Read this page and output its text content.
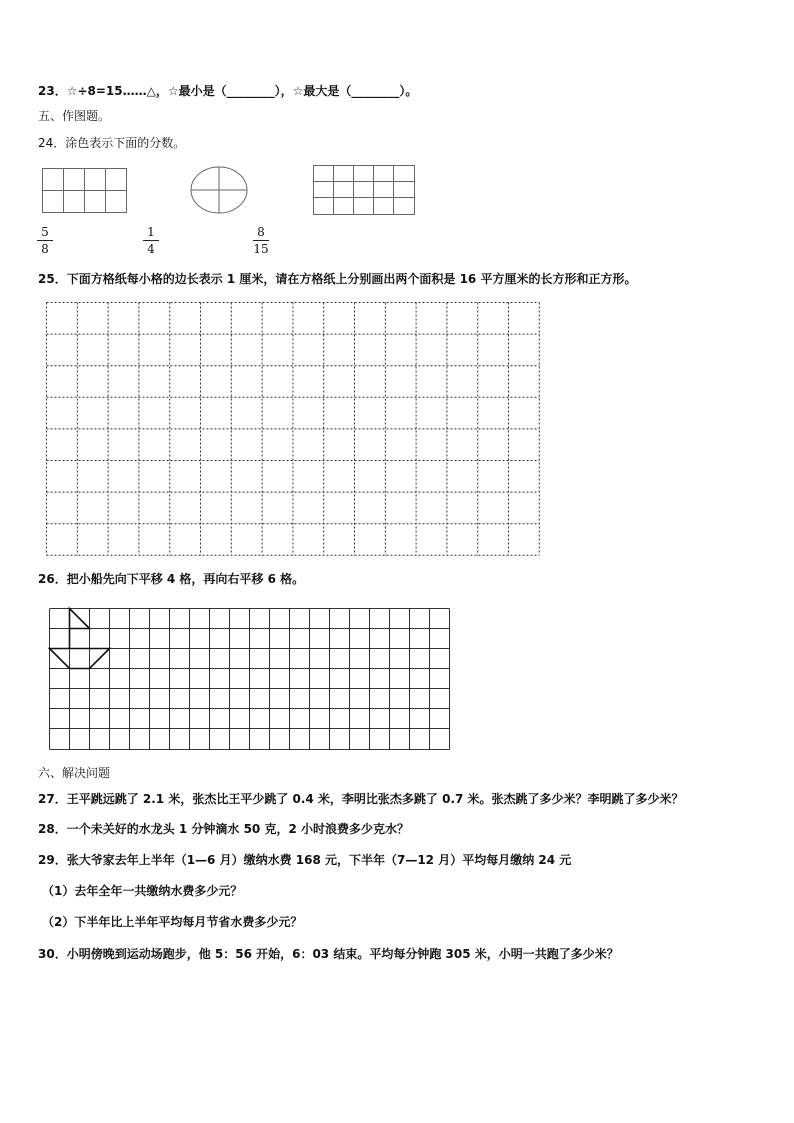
23．☆÷8=15……△，☆最小是（________），☆最大是（________）。
五、作图题。
24．涂色表示下面的分数。
5
8
1
4
8
15
25．下面方格纸每小格的边长表示 1 厘米，请在方格纸上分别画出两个面积是 16 平方厘米的长方形和正方形。
26．把小船先向下平移 4 格，再向右平移 6 格。
六、解决问题
27．王平跳远跳了 2.1 米，张杰比王平少跳了 0.4 米，李明比张杰多跳了 0.7 米。张杰跳了多少米？李明跳了多少米？
28．一个未关好的水龙头 1 分钟滴水 50 克，2 小时浪费多少克水？
29．张大爷家去年上半年（1—6 月）缴纳水费 168 元，下半年（7—12 月）平均每月缴纳 24 元
（1）去年全年一共缴纳水费多少元？
（2）下半年比上半年平均每月节省水费多少元？
30．小明傍晚到运动场跑步，他 5：56 开始，6：03 结束。平均每分钟跑 305 米，小明一共跑了多少米？
